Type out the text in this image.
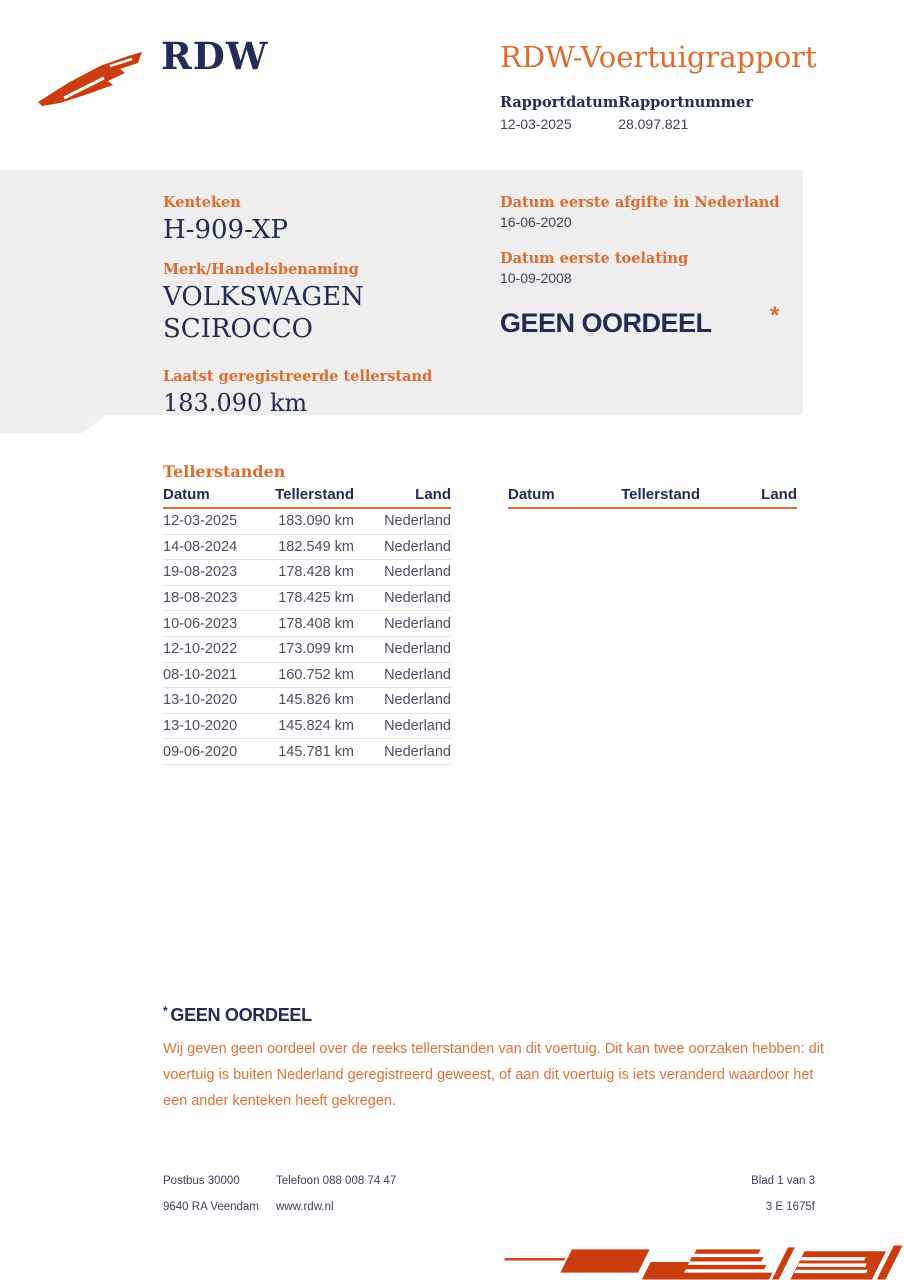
RDW	RDW-Voertuigrapport
Rapportdatum
12-03-2025
Rapportnummer
28.097.821
Kenteken
H-909-XP
Merk/Handelsbenaming
VOLKSWAGEN
SCIROCCO
Laatst geregistreerde tellerstand
183.090 km
Datum eerste afgifte in Nederland
16-06-2020
Datum eerste toelating
10-09-2008
GEEN OORDEEL *
Tellerstanden
Datum	Tellerstand	Land
12-03-2025	183.090 km	Nederland
14-08-2024	182.549 km	Nederland
19-08-2023	178.428 km	Nederland
18-08-2023	178.425 km	Nederland
10-06-2023	178.408 km	Nederland
12-10-2022	173.099 km	Nederland
08-10-2021	160.752 km	Nederland
13-10-2020	145.826 km	Nederland
13-10-2020	145.824 km	Nederland
09-06-2020	145.781 km	Nederland
Datum	Tellerstand	Land
* GEEN OORDEEL

Wij geven geen oordeel over de reeks tellerstanden van dit voertuig. Dit kan twee oorzaken hebben: dit voertuig is buiten Nederland geregistreerd geweest, of aan dit voertuig is iets veranderd waardoor het een ander kenteken heeft gekregen.

Postbus 30000	Telefoon 088 008 74 47	Blad 1 van 3
9640 RA Veendam	www.rdw.nl	3 E 1675f
